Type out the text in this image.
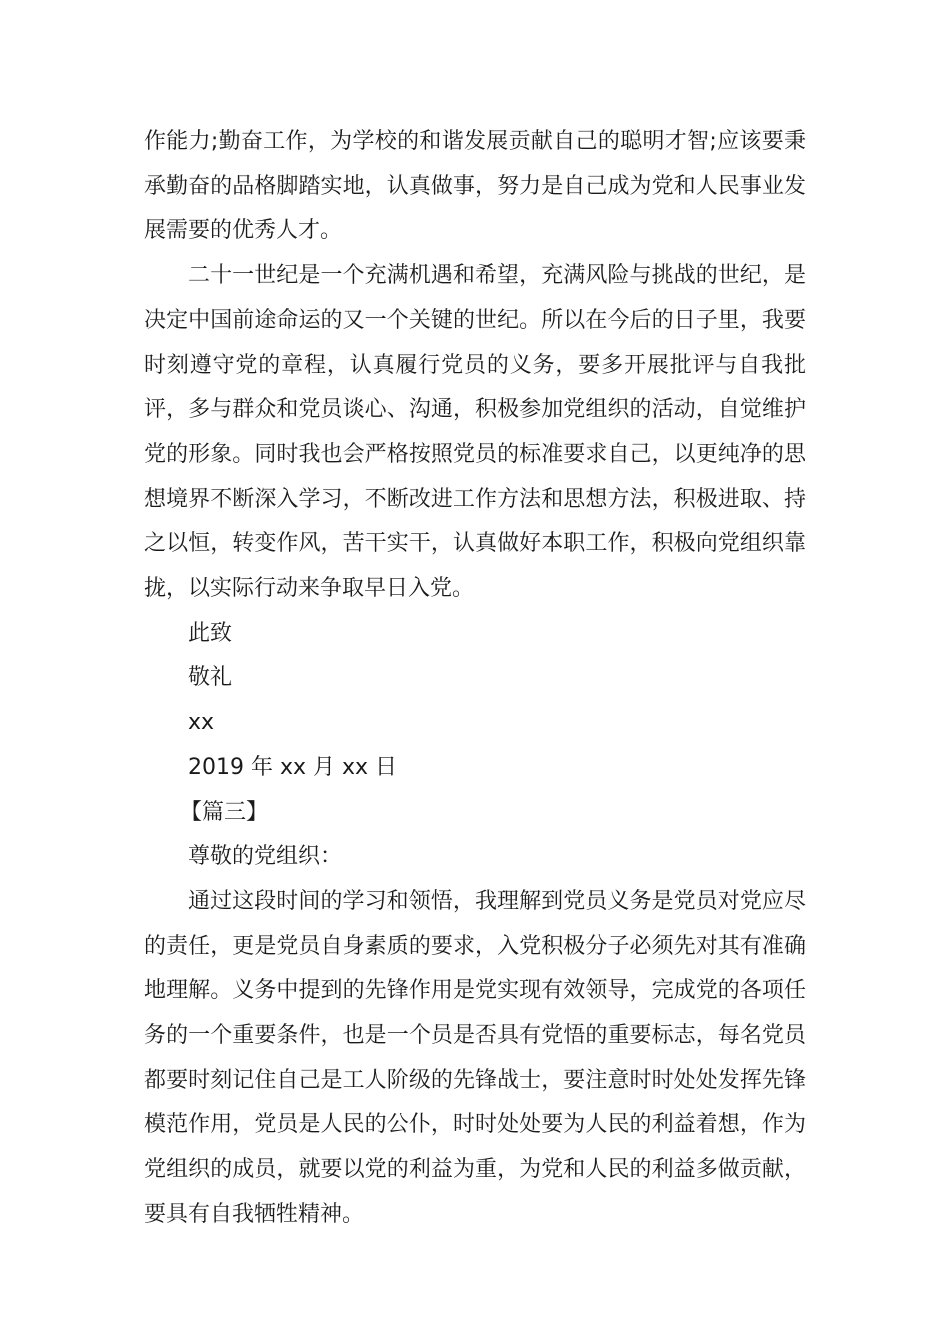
作能力;勤奋工作，为学校的和谐发展贡献自己的聪明才智;应该要秉承勤奋的品格脚踏实地，认真做事，努力是自己成为党和人民事业发展需要的优秀人才。

二十一世纪是一个充满机遇和希望，充满风险与挑战的世纪，是决定中国前途命运的又一个关键的世纪。所以在今后的日子里，我要时刻遵守党的章程，认真履行党员的义务，要多开展批评与自我批评，多与群众和党员谈心、沟通，积极参加党组织的活动，自觉维护党的形象。同时我也会严格按照党员的标准要求自己，以更纯净的思想境界不断深入学习，不断改进工作方法和思想方法，积极进取、持之以恒，转变作风，苦干实干，认真做好本职工作，积极向党组织靠拢，以实际行动来争取早日入党。

此致

敬礼

xx

2019 年 xx 月 xx 日

【篇三】

尊敬的党组织：

通过这段时间的学习和领悟，我理解到党员义务是党员对党应尽的责任，更是党员自身素质的要求，入党积极分子必须先对其有准确地理解。义务中提到的先锋作用是党实现有效领导，完成党的各项任务的一个重要条件，也是一个员是否具有党悟的重要标志，每名党员都要时刻记住自己是工人阶级的先锋战士，要注意时时处处发挥先锋模范作用，党员是人民的公仆，时时处处要为人民的利益着想，作为党组织的成员，就要以党的利益为重，为党和人民的利益多做贡献，要具有自我牺牲精神。
